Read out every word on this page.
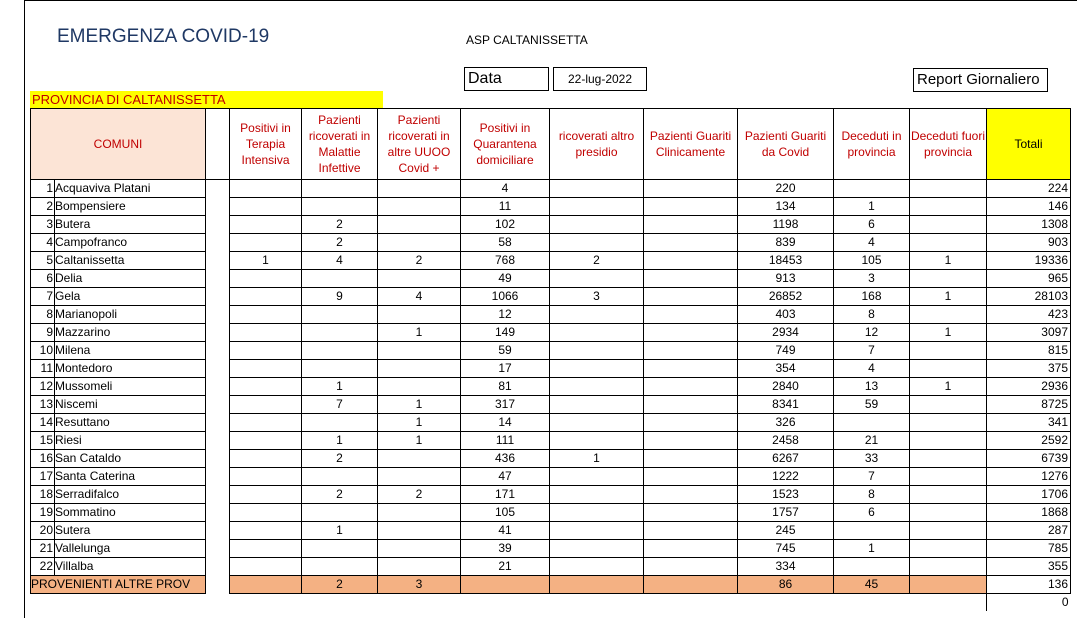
EMERGENZA COVID-19	ASP CALTANISSETTA
Data	22-lug-2022	Report Giornaliero
PROVINCIA DI CALTANISSETTA
COMUNI			Positivi in Terapia Intensiva	Pazienti ricoverati in Malattie Infettive	Pazienti ricoverati in altre UUOO Covid +	Positivi in Quarantena domiciliare	ricoverati altro presidio	Pazienti Guariti Clinicamente	Pazienti Guariti da Covid	Deceduti in provincia	Deceduti fuori provincia	Totali
1	Acquaviva Platani					4			220			224
2	Bompensiere					11			134	1		146
3	Butera			2		102			1198	6		1308
4	Campofranco			2		58			839	4		903
5	Caltanissetta		1	4	2	768	2		18453	105	1	19336
6	Delia					49			913	3		965
7	Gela			9	4	1066	3		26852	168	1	28103
8	Marianopoli					12			403	8		423
9	Mazzarino				1	149			2934	12	1	3097
10	Milena					59			749	7		815
11	Montedoro					17			354	4		375
12	Mussomeli			1		81			2840	13	1	2936
13	Niscemi			7	1	317			8341	59		8725
14	Resuttano				1	14			326			341
15	Riesi			1	1	111			2458	21		2592
16	San Cataldo			2		436	1		6267	33		6739
17	Santa Caterina					47			1222	7		1276
18	Serradifalco			2	2	171			1523	8		1706
19	Sommatino					105			1757	6		1868
20	Sutera			1		41			245			287
21	Vallelunga					39			745	1		785
22	Villalba					21			334			355
PROVENIENTI ALTRE PROV				2	3				86	45		136
												0
